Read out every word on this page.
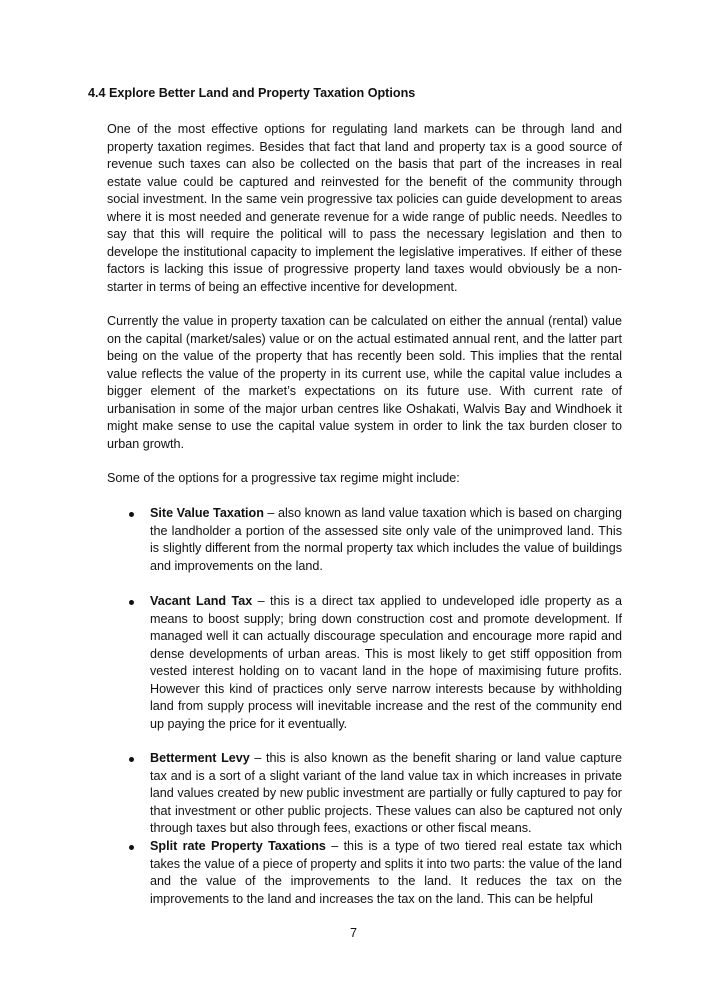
4.4 Explore Better Land and Property Taxation Options

One of the most effective options for regulating land markets can be through land and property taxation regimes. Besides that fact that land and property tax is a good source of revenue such taxes can also be collected on the basis that part of the increases in real estate value could be captured and reinvested for the benefit of the community through social investment. In the same vein progressive tax policies can guide development to areas where it is most needed and generate revenue for a wide range of public needs. Needles to say that this will require the political will to pass the necessary legislation and then to develope the institutional capacity to implement the legislative imperatives. If either of these factors is lacking this issue of progressive property land taxes would obviously be a non-starter in terms of being an effective incentive for development.

Currently the value in property taxation can be calculated on either the annual (rental) value on the capital (market/sales) value or on the actual estimated annual rent, and the latter part being on the value of the property that has recently been sold. This implies that the rental value reflects the value of the property in its current use, while the capital value includes a bigger element of the market’s expectations on its future use. With current rate of urbanisation in some of the major urban centres like Oshakati, Walvis Bay and Windhoek it might make sense to use the capital value system in order to link the tax burden closer to urban growth.

Some of the options for a progressive tax regime might include:

Site Value Taxation – also known as land value taxation which is based on charging the landholder a portion of the assessed site only vale of the unimproved land. This is slightly different from the normal property tax which includes the value of buildings and improvements on the land.

Vacant Land Tax – this is a direct tax applied to undeveloped idle property as a means to boost supply; bring down construction cost and promote development. If managed well it can actually discourage speculation and encourage more rapid and dense developments of urban areas. This is most likely to get stiff opposition from vested interest holding on to vacant land in the hope of maximising future profits. However this kind of practices only serve narrow interests because by withholding land from supply process will inevitable increase and the rest of the community end up paying the price for it eventually.

Betterment Levy – this is also known as the benefit sharing or land value capture tax and is a sort of a slight variant of the land value tax in which increases in private land values created by new public investment are partially or fully captured to pay for that investment or other public projects. These values can also be captured not only through taxes but also through fees, exactions or other fiscal means.

Split rate Property Taxations – this is a type of two tiered real estate tax which takes the value of a piece of property and splits it into two parts: the value of the land and the value of the improvements to the land. It reduces the tax on the improvements to the land and increases the tax on the land. This can be helpful

7
